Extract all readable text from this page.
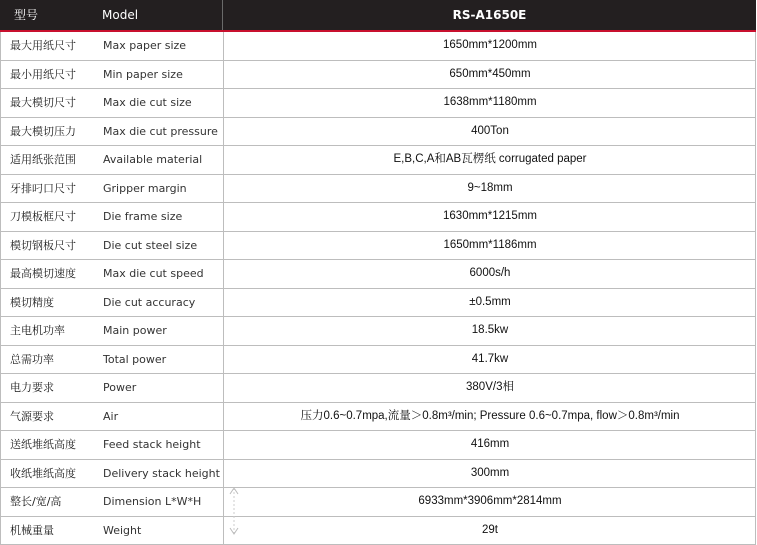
型号	Model	RS-A1650E
最大用纸尺寸 Max paper size	1650mm*1200mm
最小用纸尺寸 Min paper size	650mm*450mm
最大模切尺寸 Max die cut size	1638mm*1180mm
最大模切压力 Max die cut pressure	400Ton
适用纸张范围 Available material	E,B,C,A和AB瓦楞纸 corrugated paper
牙排叼口尺寸 Gripper margin	9~18mm
刀模板框尺寸 Die frame size	1630mm*1215mm
模切钢板尺寸 Die cut steel size	1650mm*1186mm
最高模切速度 Max die cut speed	6000s/h
模切精度	Die cut accuracy	±0.5mm
主电机功率	Main power	18.5kw
总需功率	Total power	41.7kw
电力要求	Power	380V/3相
气源要求	Air	压力0.6~0.7mpa,流量＞0.8m³/min; Pressure 0.6~0.7mpa, flow＞0.8m³/min
送纸堆纸高度 Feed stack height	416mm
收纸堆纸高度 Delivery stack height	300mm
整长/宽/高	Dimension L*W*H	6933mm*3906mm*2814mm
机械重量	Weight	29t
